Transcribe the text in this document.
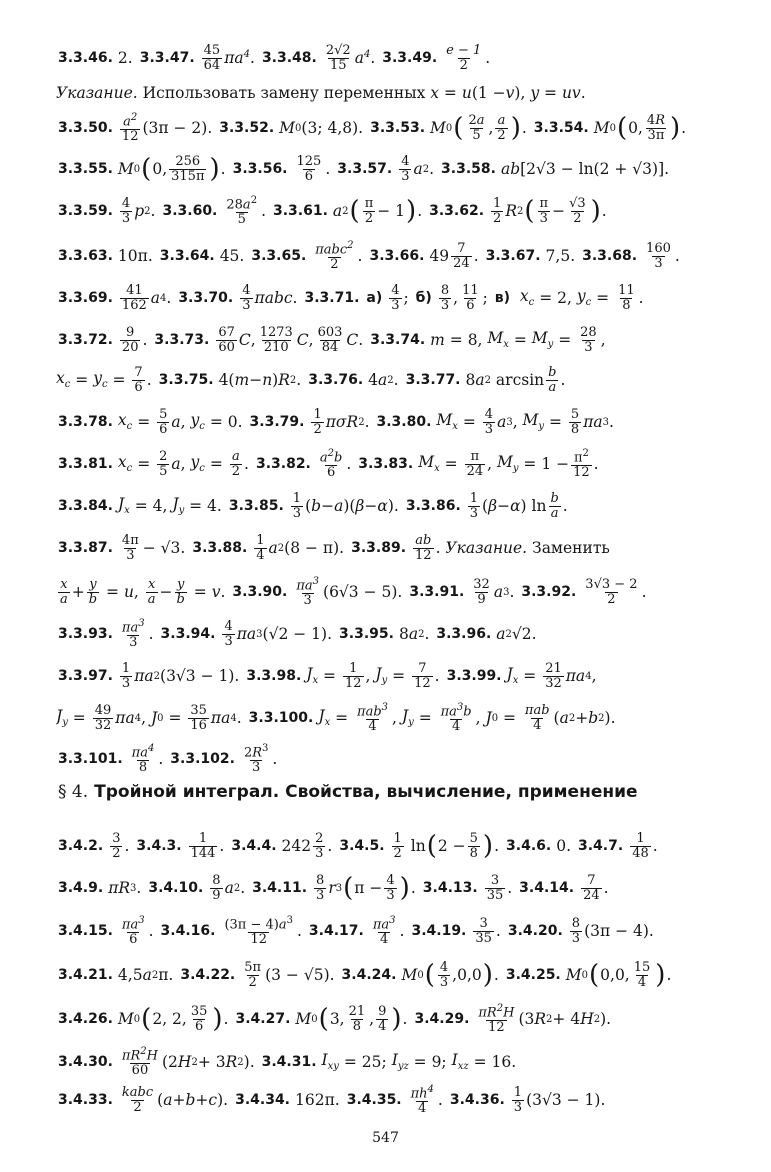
3.3.46. 2. 3.3.47. $\frac{45}{64} \pi a^4$ . 3.3.48. $\frac{2√2}{15} a^4$ . 3.3.49. $\frac{e - 1}{2}$ .
Указание. Использовать замену переменных x = u (1 − v ), y = uv .
3.3.50. $\frac{a^2}{12} (3\pi - 2)$. 3.3.52. M 0 (3; 4,8). 3.3.53. M 0 ( $\frac{2a}{5}$ , $\frac{a}{2}$ ) . 3.3.54. M 0 ( 0, $\frac{4R}{3\pi}$ ) .
3.3.55. M 0 ( 0, $\frac{256}{315\pi}$ ) . 3.3.56. $\frac{125}{6}$ . 3.3.57. $\frac{4}{3}$ a 2 . 3.3.58. ab [2√3 − ln(2 + √3)].
3.3.59. $\frac{4}{3}$ p 2 . 3.3.60. $\frac{28a^2}{5}$ . 3.3.61. a 2 ( $\frac{\pi}{2} - 1$ ) . 3.3.62. $\frac{1}{2}$ R 2 ( $\frac{\pi}{3} - \frac{√3}{2}$ ) .
3.3.63. 10π. 3.3.64. 45. 3.3.65. $\frac{\pi abc^2}{2}$ . 3.3.66. $49 \frac{7}{24}$ . 3.3.67. 7,5. 3.3.68. $\frac{160}{3}$ .
3.3.69. $\frac{41}{162}$ a 4 . 3.3.70. $\frac{4}{3}$ πabc . 3.3.71. $а) \frac{4}{3}$ ; $б) \frac{8}{3}$ , $\frac{11}{6}$ ; в)
$x_c = 2$, $y_c = \frac{11}{8}$ .
3.3.72. $\frac{9}{20}$ . 3.3.73. $\frac{67}{60}$ C , $\frac{1273}{210}$ C , $\frac{603}{84}$ C . 3.3.74. m = 8, $M_x = M_y = \frac{28}{3}$ ,
$x_c = y_c = \frac{7}{6}$ . 3.3.75. 4( m − n ) R 2 . 3.3.76. 4 a 2 . 3.3.77. 8 a 2 $\arcsin \frac{b}{a}$ .
3.3.78. $x_c = \frac{5}{6}$ a , $y_c = 0$. 3.3.79. $\frac{1}{2}$ πσR 2 . 3.3.80. $M_x = \frac{4}{3}$ a 3 , $M_y = \frac{5}{8}$ πa 3 .
3.3.81. $x_c = \frac{2}{5}$ a , $y_c = \frac{a}{2}$ . 3.3.82. $\frac{a^2b}{6}$ . 3.3.83. $M_x = \frac{\pi}{24}$ , $M_y = 1 - \frac{\pi^2}{12}$ .
3.3.84. $J_x = 4$, $J_y = 4$. 3.3.85. $\frac{1}{3}$ ( b − a )( β − α ). 3.3.86. $\frac{1}{3}$ ( β − α ) $\ln \frac{b}{a}$ .
3.3.87. $\frac{4\pi}{3} - √3$. 3.3.88. $\frac{1}{4}$ a 2 (8 − π). 3.3.89. $\frac{ab}{12}$ . Указание. Заменить
$\frac{x}{a} + \frac{y}{b} = u$ , $\frac{x}{a} - \frac{y}{b} = v$ . 3.3.90. $\frac{\pi a^3}{3} (6√3 - 5)$. 3.3.91. $\frac{32}{9}$ a 3 . 3.3.92. $\frac{3√3 - 2}{2}$ .
3.3.93. $\frac{\pi a^3}{3}$ . 3.3.94. $\frac{4}{3}$ πa 3 (√2 − 1). 3.3.95. 8 a 2 . 3.3.96. a 2 √2.
3.3.97. $\frac{1}{3}$ πa 2 (3√3 − 1). 3.3.98. $J_x = \frac{1}{12}$ , $J_y = \frac{7}{12}$ . 3.3.99. $J_x = \frac{21}{32}$ πa 4 ,
$J_y = \frac{49}{32}$ πa 4 , J $0 = \frac{35}{16}$ πa 4 . 3.3.100. $J_x = \frac{\pi ab^3}{4}$ , $J_y = \frac{\pi a^3b}{4}$ , J $0 = \frac{\text{πab}}{4}$ ( a 2 + b 2 ).
3.3.101. $\frac{\pi a^4}{8}$ . 3.3.102. $\frac{2R^3}{3}$ .
§ 4. Тройной интеграл. Свойства, вычисление, применение
3.4.2. $\frac{3}{2}$ . 3.4.3. $\frac{1}{144}$ . 3.4.4. $242 \frac{2}{3}$ . 3.4.5. $\frac{1}{2}$ ln ( $2 - \frac{5}{8}$ ) . 3.4.6. 0. 3.4.7. $\frac{1}{48}$ .
3.4.9. πR 3 . 3.4.10. $\frac{8}{9}$ a 2 . 3.4.11. $\frac{8}{3}$ r 3 ( $\pi - \frac{4}{3}$ ) . 3.4.13. $\frac{3}{35}$ . 3.4.14. $\frac{7}{24}$ .
3.4.15. $\frac{\pi a^3}{6}$ . 3.4.16. $\frac{(3\pi - 4)a^3}{12}$ . 3.4.17. $\frac{\pi a^3}{4}$ . 3.4.19. $\frac{3}{35}$ . 3.4.20. $\frac{8}{3} (3\pi - 4)$.
3.4.21. 4,5 a 2 π. 3.4.22. $\frac{5\pi}{2} (3 - √5)$. 3.4.24. M 0 ( $\frac{4}{3} ,0,0$ ) . 3.4.25. M 0 ( 0,0, $\frac{15}{4}$ ) .
3.4.26. M 0 ( 2, 2, $\frac{35}{6}$ ) . 3.4.27. M 0 ( 3, $\frac{21}{8}$ , $\frac{9}{4}$ ) . 3.4.29. $\frac{\pi R^2H}{12} (3$ R 2 + 4 H 2 ).
3.4.30. $\frac{\pi R^2H}{60} (2$ H 2 + 3 R 2 ). 3.4.31. $I_{xy} = 25$; $I_{yz} = 9$; $I_{xz} = 16$.
3.4.33. $\frac{\text{kabc}}{2}$ ( a + b + c ). 3.4.34. 162π. 3.4.35. $\frac{\pi h^4}{4}$ . 3.4.36. $\frac{1}{3} (3√3 - 1)$.
547
